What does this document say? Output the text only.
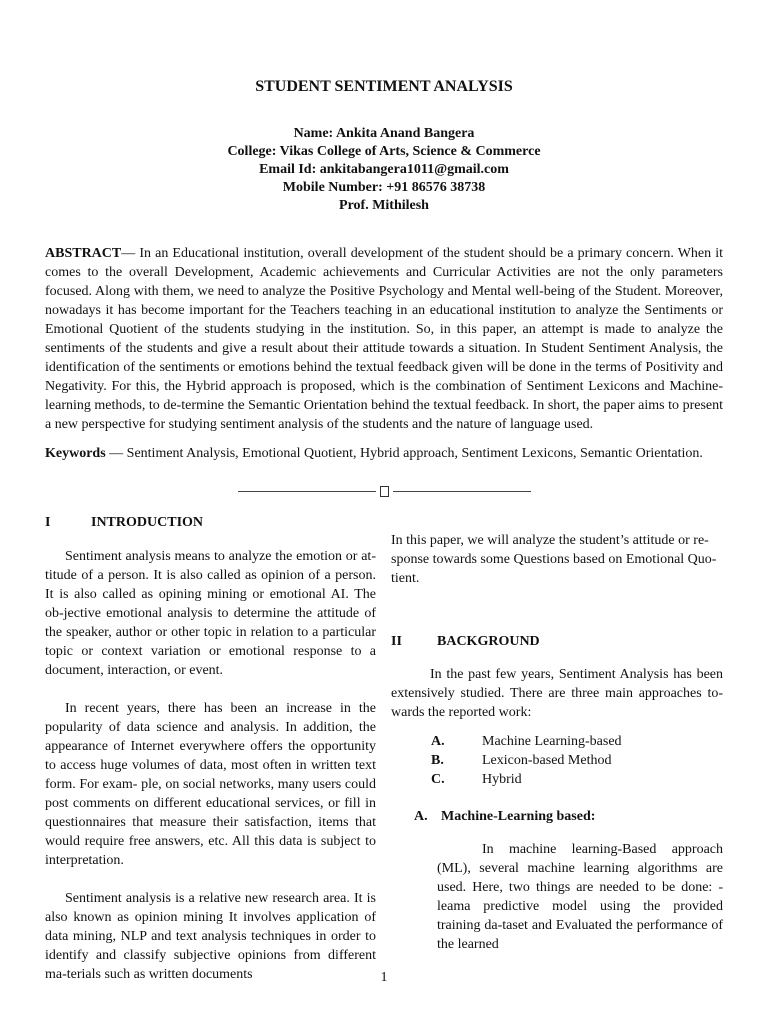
STUDENT SENTIMENT ANALYSIS
Name: Ankita Anand Bangera
College: Vikas College of Arts, Science & Commerce
Email Id: ankitabangera1011@gmail.com
Mobile Number: +91 86576 38738
Prof. Mithilesh

ABSTRACT— In an Educational institution, overall development of the student should be a primary concern. When it comes to the overall Development, Academic achievements and Curricular Activities are not the only parameters focused. Along with them, we need to analyze the Positive Psychology and Mental well-being of the Student. Moreover, nowadays it has become important for the Teachers teaching in an educational institution to analyze the Sentiments or Emotional Quotient of the students studying in the institution. So, in this paper, an attempt is made to analyze the sentiments of the students and give a result about their attitude towards a situation. In Student Sentiment Analysis, the identification of the sentiments or emotions behind the textual feedback given will be done in the terms of Positivity and Negativity. For this, the Hybrid approach is proposed, which is the combination of Sentiment Lexicons and Machine-learning methods, to de-termine the Semantic Orientation behind the textual feedback. In short, the paper aims to present a new perspective for studying sentiment analysis of the students and the nature of language used.

Keywords — Sentiment Analysis, Emotional Quotient, Hybrid approach, Sentiment Lexicons, Semantic Orientation.

I	INTRODUCTION

Sentiment analysis means to analyze the emotion or at-titude of a person. It is also called as opinion of a person. It is also called as opining mining or emotional AI. The ob-jective emotional analysis to determine the attitude of the speaker, author or other topic in relation to a particular topic or context variation or emotional response to a document, interaction, or event.

In recent years, there has been an increase in the popularity of data science and analysis. In addition, the appearance of Internet everywhere offers the opportunity to access huge volumes of data, most often in written text form. For exam- ple, on social networks, many users could post comments on different educational services, or fill in questionnaires that measure their satisfaction, items that would require free answers, etc. All this data is subject to interpretation.

Sentiment analysis is a relative new research area. It is also known as opinion mining It involves application of data mining, NLP and text analysis techniques in order to identify and classify subjective opinions from different ma-terials such as written documents

In this paper, we will analyze the student’s attitude or re-sponse towards some Questions based on Emotional Quo-tient.

II	BACKGROUND

In the past few years, Sentiment Analysis has been extensively studied. There are three main approaches to-wards the reported work:

A.	Machine Learning-based
B.	Lexicon-based Method
C.	Hybrid
A. Machine-Learning based:

In machine learning-Based approach (ML), several machine learning algorithms are used. Here, two things are needed to be done: - leama predictive model using the provided training da-taset and Evaluated the performance of the learned

1
